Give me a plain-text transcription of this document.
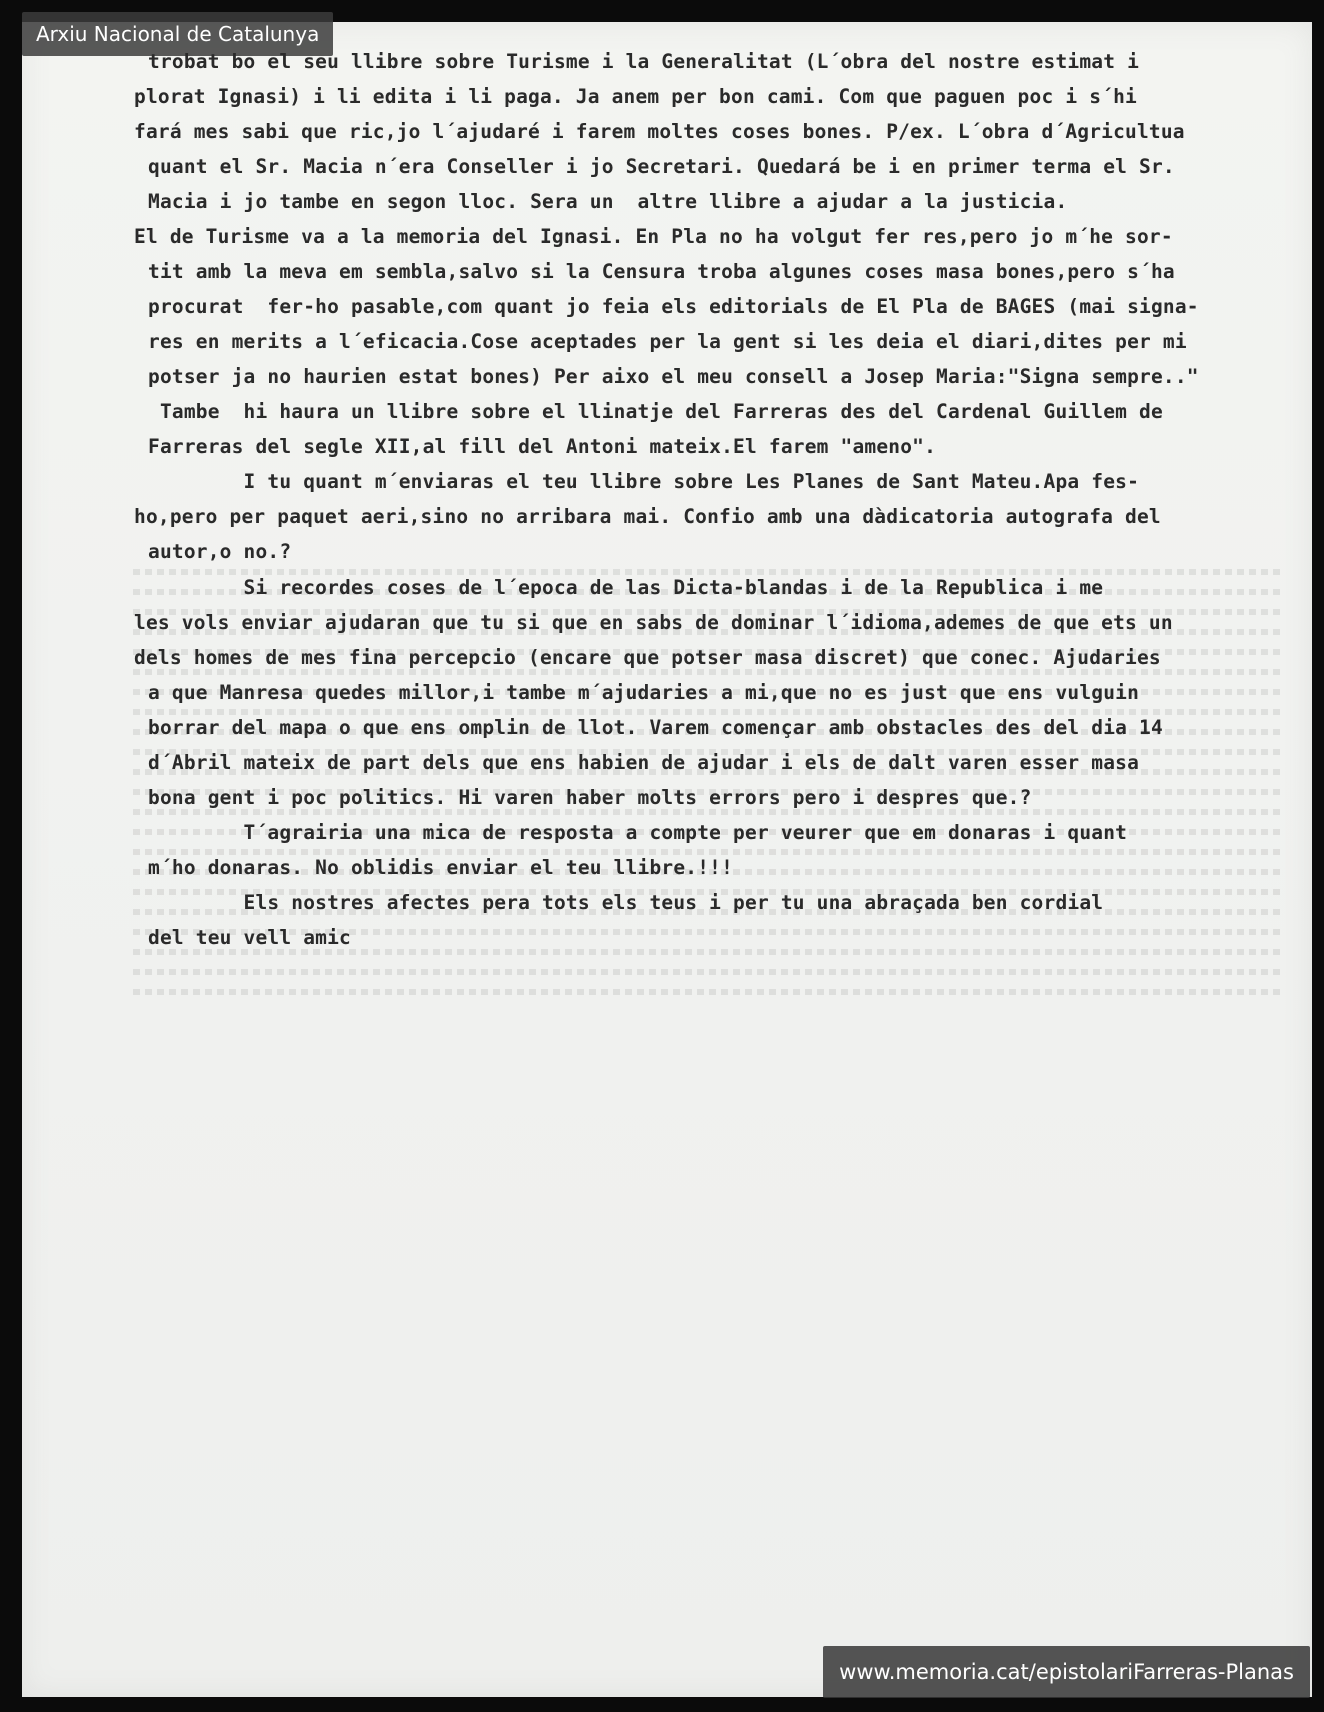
Arxiu Nacional de Catalunya
trobat bo el seu llibre sobre Turisme i la Generalitat (L´obra del nostre estimat i
plorat Ignasi) i li edita i li paga. Ja anem per bon cami. Com que paguen poc i s´hi
fará mes sabi que ric,jo l´ajudaré i farem moltes coses bones. P/ex. L´obra d´Agricultua
quant el Sr. Macia n´era Conseller i jo Secretari. Quedará be i en primer terma el Sr.
Macia i jo tambe en segon lloc. Sera un  altre llibre a ajudar a la justicia.
El de Turisme va a la memoria del Ignasi. En Pla no ha volgut fer res,pero jo m´he sor-
tit amb la meva em sembla,salvo si la Censura troba algunes coses masa bones,pero s´ha
procurat  fer-ho pasable,com quant jo feia els editorials de El Pla de BAGES (mai signa-
res en merits a l´eficacia.Cose aceptades per la gent si les deia el diari,dites per mi
potser ja no haurien estat bones) Per aixo el meu consell a Josep Maria:"Signa sempre.."
Tambe  hi haura un llibre sobre el llinatje del Farreras des del Cardenal Guillem de
Farreras del segle XII,al fill del Antoni mateix.El farem "ameno".
I tu quant m´enviaras el teu llibre sobre Les Planes de Sant Mateu.Apa fes-
ho,pero per paquet aeri,sino no arribara mai. Confio amb una dàdicatoria autografa del
autor,o no.?
Si recordes coses de l´epoca de las Dicta-blandas i de la Republica i me
les vols enviar ajudaran que tu si que en sabs de dominar l´idioma,ademes de que ets un
dels homes de mes fina percepcio (encare que potser masa discret) que conec. Ajudaries
a que Manresa quedes millor,i tambe m´ajudaries a mi,que no es just que ens vulguin
borrar del mapa o que ens omplin de llot. Varem començar amb obstacles des del dia 14
d´Abril mateix de part dels que ens habien de ajudar i els de dalt varen esser masa
bona gent i poc politics. Hi varen haber molts errors pero i despres que.?
T´agrairia una mica de resposta a compte per veurer que em donaras i quant
m´ho donaras. No oblidis enviar el teu llibre.!!!
Els nostres afectes pera tots els teus i per tu una abraçada ben cordial
del teu vell amic
www.memoria.cat/epistolariFarreras-Planas
